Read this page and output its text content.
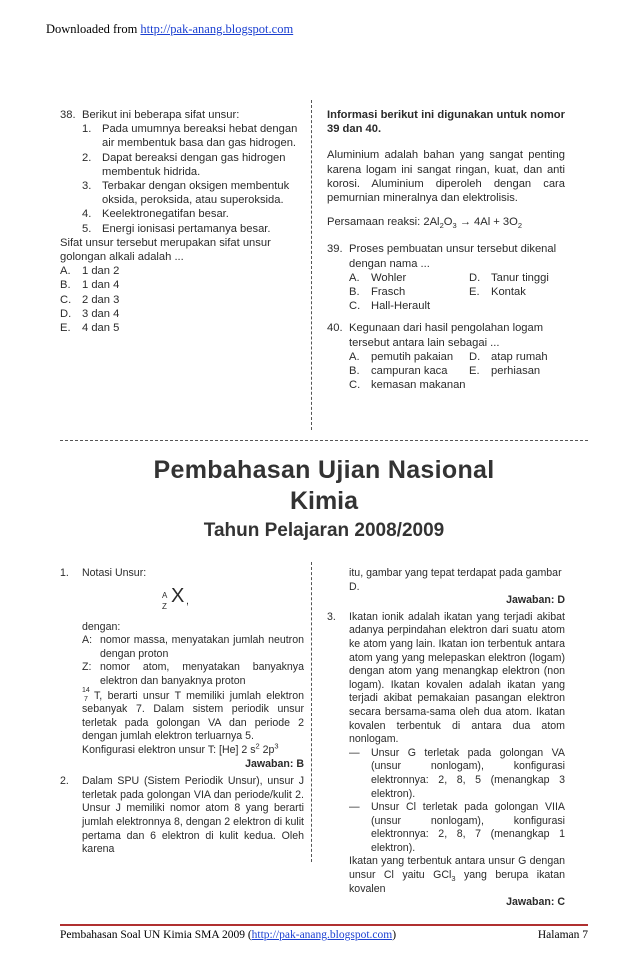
Downloaded from http://pak-anang.blogspot.com
38. Berikut ini beberapa sifat unsur:

1. Pada umumnya bereaksi hebat dengan air membentuk basa dan gas hidrogen.
2. Dapat bereaksi dengan gas hidrogen membentuk hidrida.
3. Terbakar dengan oksigen membentuk oksida, peroksida, atau superoksida.
4. Keelektronegatifan besar.
5. Energi ionisasi pertamanya besar.

Sifat unsur tersebut merupakan sifat unsur golongan alkali adalah ...

A.	1 dan 2
B.	1 dan 4
C. 2 dan 3
D. 3 dan 4
E.	4 dan 5

Informasi berikut ini digunakan untuk nomor 39 dan 40.

Aluminium adalah bahan yang sangat penting karena logam ini sangat ringan, kuat, dan anti korosi. Aluminium diperoleh dengan cara pemurnian mineralnya dan elektrolisis.

Persamaan reaksi: $2Al_2O_3 \to 4Al + 3O_2$

39. Proses pembuatan unsur tersebut dikenal dengan nama ...

A.	Wohler	D. Tanur tinggi
B.	Frasch	E.	Kontak
C. Hall-Herault
40. Kegunaan dari hasil pengolahan logam tersebut antara lain sebagai ...

A.	pemutih pakaian D. atap rumah
B.	campuran kaca E.	perhiasan
C. kemasan makanan
Pembahasan Ujian Nasional
Kimia
Tahun Pelajaran 2008/2009
1. Notasi Unsur:

A
Z X ,

dengan:

A: nomor massa, menyatakan jumlah neutron dengan proton
Z: nomor atom, menyatakan banyaknya elektron dan banyaknya proton

14
7 T, berarti unsur T memiliki jumlah elektron sebanyak 7. Dalam sistem periodik unsur terletak pada golongan VA dan periode 2 dengan jumlah elektron terluarnya 5.

Konfigurasi elektron unsur T: [He] 2 $s^2$ $2p^3$

Jawaban: B

2. Dalam SPU (Sistem Periodik Unsur), unsur J terletak pada golongan VIA dan periode/kulit 2. Unsur J memiliki nomor atom 8 yang berarti jumlah elektronnya 8, dengan 2 elektron di kulit pertama dan 6 elektron di kulit kedua. Oleh karena

itu, gambar yang tepat terdapat pada gambar D.

Jawaban: D

3. Ikatan ionik adalah ikatan yang terjadi akibat adanya perpindahan elektron dari suatu atom ke atom yang lain. Ikatan ion terbentuk antara atom yang yang melepaskan elektron (logam) dengan atom yang menangkap elektron (non logam). Ikatan kovalen adalah ikatan yang terjadi akibat pemakaian pasangan elektron secara bersama-sama oleh dua atom. Ikatan kovalen terbentuk di antara dua atom nonlogam.

— Unsur G terletak pada golongan VA (unsur nonlogam), konfigurasi elektronnya: 2, 8, 5 (menangkap 3 elektron).
— Unsur Cl terletak pada golongan VIIA (unsur nonlogam), konfigurasi elektronnya: 2, 8, 7 (menangkap 1 elektron).

Ikatan yang terbentuk antara unsur G dengan unsur Cl yaitu GCl$_3$ yang berupa ikatan kovalen

Jawaban: C

Pembahasan Soal UN Kimia SMA 2009 (http://pak-anang.blogspot.com)	Halaman 7
